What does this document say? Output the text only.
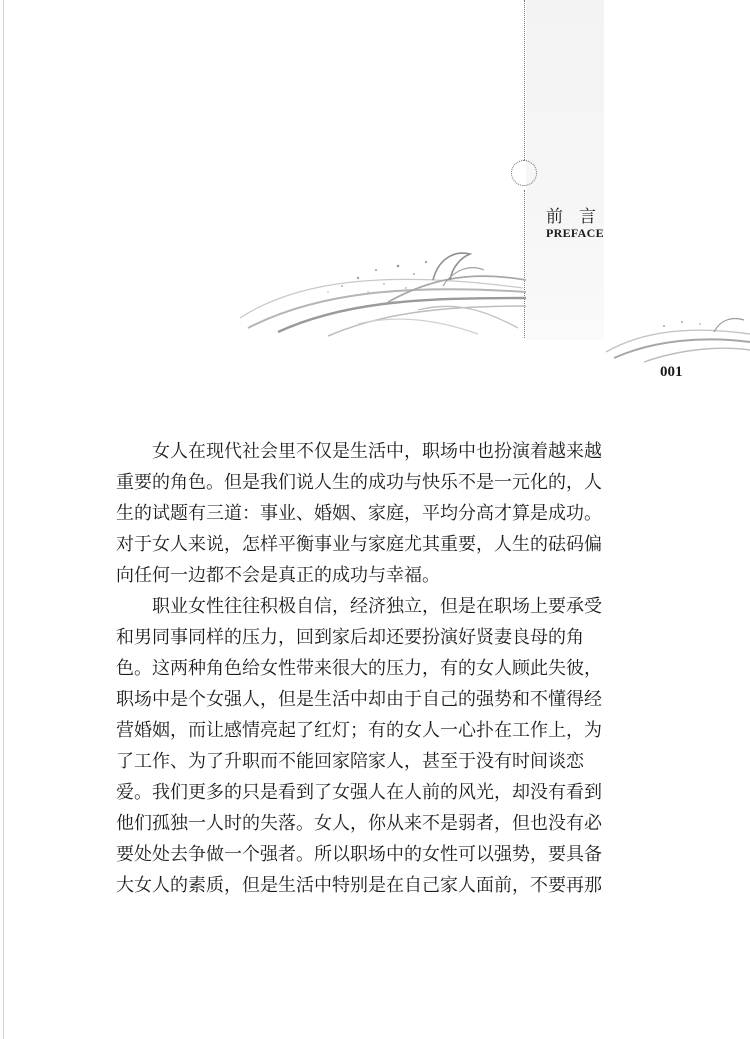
前言
PREFACE
001
女人在现代社会里不仅是生活中，职场中也扮演着越来越
重要的角色。但是我们说人生的成功与快乐不是一元化的，人
生的试题有三道：事业、婚姻、家庭，平均分高才算是成功。
对于女人来说，怎样平衡事业与家庭尤其重要，人生的砝码偏
向任何一边都不会是真正的成功与幸福。
职业女性往往积极自信，经济独立，但是在职场上要承受
和男同事同样的压力，回到家后却还要扮演好贤妻良母的角
色。这两种角色给女性带来很大的压力，有的女人顾此失彼，
职场中是个女强人，但是生活中却由于自己的强势和不懂得经
营婚姻，而让感情亮起了红灯；有的女人一心扑在工作上，为
了工作、为了升职而不能回家陪家人，甚至于没有时间谈恋
爱。我们更多的只是看到了女强人在人前的风光，却没有看到
他们孤独一人时的失落。女人，你从来不是弱者，但也没有必
要处处去争做一个强者。所以职场中的女性可以强势，要具备
大女人的素质，但是生活中特别是在自己家人面前，不要再那
